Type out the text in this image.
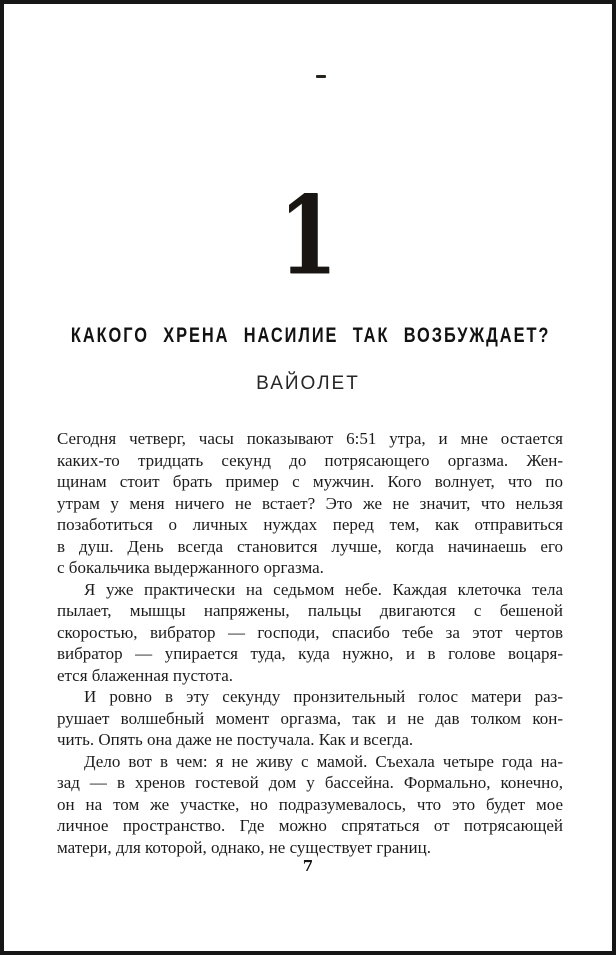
1
КАКОГО ХРЕНА НАСИЛИЕ ТАК ВОЗБУЖДАЕТ?
ВАЙОЛЕТ
Сегодня четверг, часы показывают 6:51 утра, и мне остается
каких-то тридцать секунд до потрясающего оргазма. Жен-
щинам стоит брать пример с мужчин. Кого волнует, что по
утрам у меня ничего не встает? Это же не значит, что нельзя
позаботиться о личных нуждах перед тем, как отправиться
в душ. День всегда становится лучше, когда начинаешь его
с бокальчика выдержанного оргазма.
Я уже практически на седьмом небе. Каждая клеточка тела
пылает, мышцы напряжены, пальцы двигаются с бешеной
скоростью, вибратор — господи, спасибо тебе за этот чертов
вибратор — упирается туда, куда нужно, и в голове воцаря-
ется блаженная пустота.
И ровно в эту секунду пронзительный голос матери раз-
рушает волшебный момент оргазма, так и не дав толком кон-
чить. Опять она даже не постучала. Как и всегда.
Дело вот в чем: я не живу с мамой. Съехала четыре года на-
зад — в хренов гостевой дом у бассейна. Формально, конечно,
он на том же участке, но подразумевалось, что это будет мое
личное пространство. Где можно спрятаться от потрясающей
матери, для которой, однако, не существует границ.
7
